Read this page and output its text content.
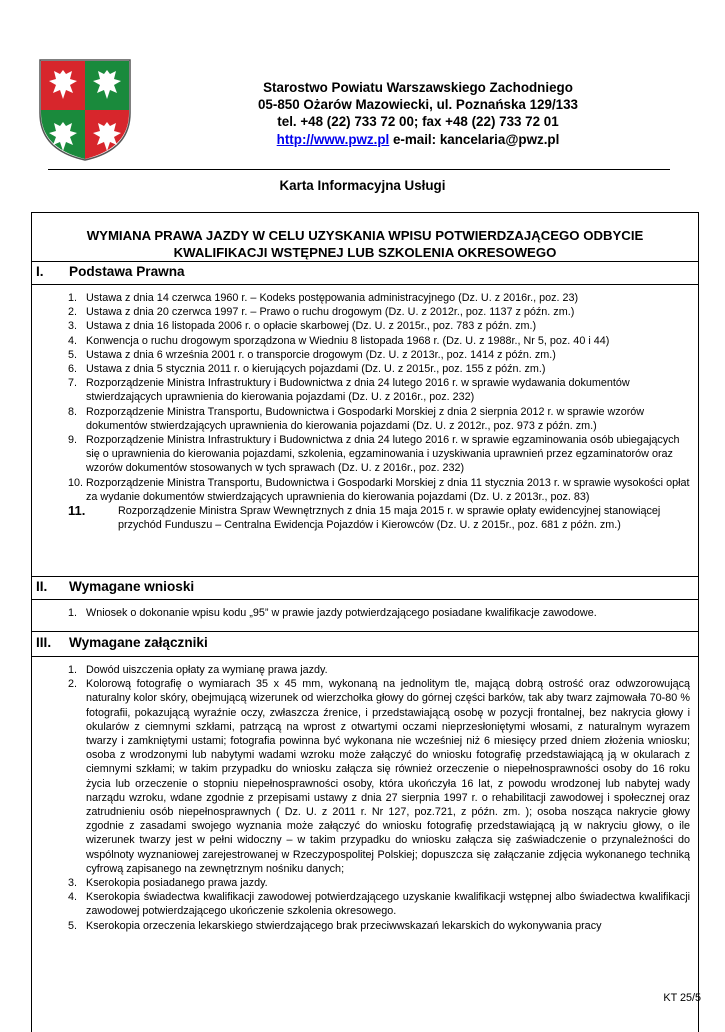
Starostwo Powiatu Warszawskiego Zachodniego
05-850 Ożarów Mazowiecki, ul. Poznańska 129/133
tel. +48 (22) 733 72 00; fax +48 (22) 733 72 01
http://www.pwz.pl e-mail: kancelaria@pwz.pl
Karta Informacyjna Usługi
WYMIANA PRAWA JAZDY W CELU UZYSKANIA WPISU POTWIERDZAJĄCEGO ODBYCIE
KWALIFIKACJI WSTĘPNEJ LUB SZKOLENIA OKRESOWEGO
I. Podstawa Prawna
1. Ustawa z dnia 14 czerwca 1960 r. – Kodeks postępowania administracyjnego (Dz. U. z 2016r., poz. 23)
2. Ustawa z dnia 20 czerwca 1997 r. – Prawo o ruchu drogowym (Dz. U. z 2012r., poz. 1137 z późn. zm.)
3. Ustawa z dnia 16 listopada 2006 r. o opłacie skarbowej (Dz. U. z 2015r., poz. 783 z późn. zm.)
4. Konwencja o ruchu drogowym sporządzona w Wiedniu 8 listopada 1968 r. (Dz. U. z 1988r., Nr 5, poz. 40 i 44)
5. Ustawa z dnia 6 września 2001 r. o transporcie drogowym (Dz. U. z 2013r., poz. 1414 z późn. zm.)
6. Ustawa z dnia 5 stycznia 2011 r. o kierujących pojazdami (Dz. U. z 2015r., poz. 155 z późn. zm.)
7. Rozporządzenie Ministra Infrastruktury i Budownictwa z dnia 24 lutego 2016 r. w sprawie wydawania dokumentów stwierdzających uprawnienia do kierowania pojazdami (Dz. U. z 2016r., poz. 232)
8. Rozporządzenie Ministra Transportu, Budownictwa i Gospodarki Morskiej z dnia 2 sierpnia 2012 r. w sprawie wzorów dokumentów stwierdzających uprawnienia do kierowania pojazdami (Dz. U. z 2012r., poz. 973 z późn. zm.)
9. Rozporządzenie Ministra Infrastruktury i Budownictwa z dnia 24 lutego 2016 r. w sprawie egzaminowania osób ubiegających się o uprawnienia do kierowania pojazdami, szkolenia, egzaminowania i uzyskiwania uprawnień przez egzaminatorów oraz wzorów dokumentów stosowanych w tych sprawach (Dz. U. z 2016r., poz. 232)
10. Rozporządzenie Ministra Transportu, Budownictwa i Gospodarki Morskiej z dnia 11 stycznia 2013 r. w sprawie wysokości opłat za wydanie dokumentów stwierdzających uprawnienia do kierowania pojazdami (Dz. U. z 2013r., poz. 83)
11.	Rozporządzenie Ministra Spraw Wewnętrznych z dnia 15 maja 2015 r. w sprawie opłaty ewidencyjnej stanowiącej przychód Funduszu – Centralna Ewidencja Pojazdów i Kierowców (Dz. U. z 2015r., poz. 681 z późn. zm.)
II. Wymagane wnioski
1. Wniosek o dokonanie wpisu kodu „95” w prawie jazdy potwierdzającego posiadane kwalifikacje zawodowe.
III. Wymagane załączniki
1. Dowód uiszczenia opłaty za wymianę prawa jazdy.
2. Kolorową fotografię o wymiarach 35 x 45 mm, wykonaną na jednolitym tle, mającą dobrą ostrość oraz odwzorowującą naturalny kolor skóry, obejmującą wizerunek od wierzchołka głowy do górnej części barków, tak aby twarz zajmowała 70-80 % fotografii, pokazującą wyraźnie oczy, zwłaszcza źrenice, i przedstawiającą osobę w pozycji frontalnej, bez nakrycia głowy i okularów z ciemnymi szkłami, patrzącą na wprost z otwartymi oczami nieprzesłoniętymi włosami, z naturalnym wyrazem twarzy i zamkniętymi ustami; fotografia powinna być wykonana nie wcześniej niż 6 miesięcy przed dniem złożenia wniosku; osoba z wrodzonymi lub nabytymi wadami wzroku może załączyć do wniosku fotografię przedstawiającą ją w okularach z ciemnymi szkłami; w takim przypadku do wniosku załącza się również orzeczenie o niepełnosprawności osoby do 16 roku życia lub orzeczenie o stopniu niepełnosprawności osoby, która ukończyła 16 lat, z powodu wrodzonej lub nabytej wady narządu wzroku, wdane zgodnie z przepisami ustawy z dnia 27 sierpnia 1997 r. o rehabilitacji zawodowej i społecznej oraz zatrudnieniu osób niepełnosprawnych ( Dz. U. z 2011 r. Nr 127, poz.721, z późn. zm. ); osoba nosząca nakrycie głowy zgodnie z zasadami swojego wyznania może załączyć do wniosku fotografię przedstawiającą ją w nakryciu głowy, o ile wizerunek twarzy jest w pełni widoczny – w takim przypadku do wniosku załącza się zaświadczenie o przynależności do wspólnoty wyznaniowej zarejestrowanej w Rzeczypospolitej Polskiej; dopuszcza się załączanie zdjęcia wykonanego techniką cyfrową zapisanego na zewnętrznym nośniku danych;
3. Kserokopia posiadanego prawa jazdy.
4. Kserokopia świadectwa kwalifikacji zawodowej potwierdzającego uzyskanie kwalifikacji wstępnej albo świadectwa kwalifikacji zawodowej potwierdzającego ukończenie szkolenia okresowego.
5. Kserokopia orzeczenia lekarskiego stwierdzającego brak przeciwwskazań lekarskich do wykonywania pracy
KT 25/5
